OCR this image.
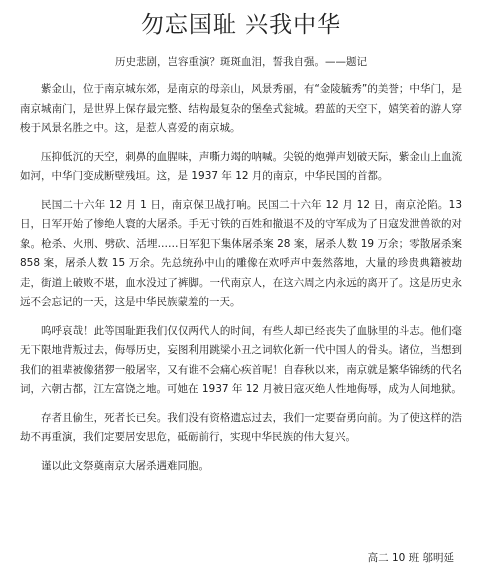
勿忘国耻 兴我中华
历史悲剧，岂容重演？斑斑血泪，誓我自强。——题记

紫金山，位于南京城东郊，是南京的母亲山，风景秀丽，有“金陵毓秀”的美誉；中华门，是南京城南门，是世界上保存最完整、结构最复杂的堡垒式瓮城。碧蓝的天空下，嬉笑着的游人穿梭于风景名胜之中。这，是惹人喜爱的南京城。

压抑低沉的天空，刺鼻的血腥味，声嘶力竭的呐喊。尖锐的炮弹声划破天际，紫金山上血流如河，中华门变成断壁残垣。这，是 1937 年 12 月的南京，中华民国的首都。

民国二十六年 12 月 1 日，南京保卫战打响。民国二十六年 12 月 12 日，南京沦陷。13 日，日军开始了惨绝人寰的大屠杀。手无寸铁的百姓和撤退不及的守军成为了日寇发泄兽欲的对象。枪杀、火刑、劈砍、活埋……日军犯下集体屠杀案 28 案，屠杀人数 19 万余；零散屠杀案 858 案，屠杀人数 15 万余。先总统孙中山的雕像在欢呼声中轰然落地，大量的珍贵典籍被劫走，街道上破败不堪，血水没过了裤脚。一代南京人，在这六周之内永远的离开了。这是历史永远不会忘记的一天，这是中华民族蒙羞的一天。

呜呼哀哉！此等国耻距我们仅仅两代人的时间，有些人却已经丧失了血脉里的斗志。他们毫无下限地背叛过去，侮辱历史，妄图利用跳梁小丑之词软化新一代中国人的骨头。诸位，当想到我们的祖辈被像猪猡一般屠宰，又有谁不会痛心疾首呢！自春秋以来，南京就是繁华锦绣的代名词，六朝古都，江左富饶之地。可她在 1937 年 12 月被日寇灭绝人性地侮辱，成为人间地狱。

存者且偷生，死者长已矣。我们没有资格遗忘过去，我们一定要奋勇向前。为了使这样的浩劫不再重演，我们定要居安思危，砥砺前行，实现中华民族的伟大复兴。

谨以此文祭奠南京大屠杀遇难同胞。

高二 10 班 邬明延
